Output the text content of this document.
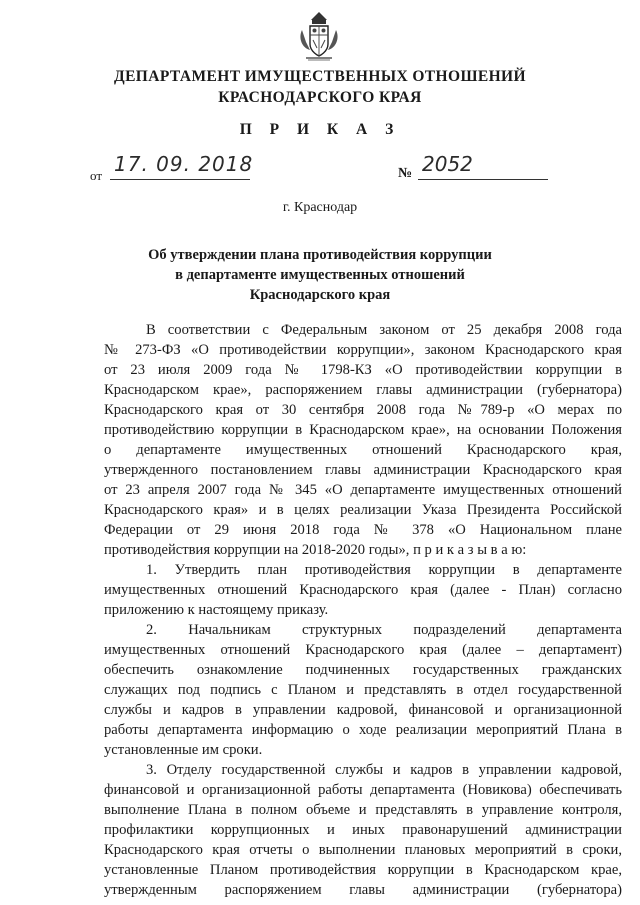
ДЕПАРТАМЕНТ ИМУЩЕСТВЕННЫХ ОТНОШЕНИЙ
КРАСНОДАРСКОГО КРАЯ
П Р И К А З
от 17. 09. 2018	№ 2052
г. Краснодар
Об утверждении плана противодействия коррупции
в департаменте имущественных отношений
Краснодарского края
В соответствии с Федеральным законом от 25 декабря 2008 года
№ 273-ФЗ «О противодействии коррупции», законом Краснодарского края
от 23 июля 2009 года № 1798-КЗ «О противодействии коррупции в
Краснодарском крае», распоряжением главы администрации (губернатора)
Краснодарского края от 30 сентября 2008 года №789-р «О мерах по
противодействию коррупции в Краснодарском крае», на основании Положения
о департаменте имущественных отношений Краснодарского края,
утвержденного постановлением главы администрации Краснодарского края
от 23 апреля 2007 года № 345 «О департаменте имущественных отношений
Краснодарского края» и в целях реализации Указа Президента Российской
Федерации от 29 июня 2018 года № 378 «О Национальном плане
противодействия коррупции на 2018-2020 годы», п р и к а з ы в а ю:
1. Утвердить план противодействия коррупции в департаменте
имущественных отношений Краснодарского края (далее - План) согласно
приложению к настоящему приказу.
2. Начальникам структурных подразделений департамента
имущественных отношений Краснодарского края (далее – департамент)
обеспечить ознакомление подчиненных государственных гражданских
служащих под подпись с Планом и представлять в отдел государственной
службы и кадров в управлении кадровой, финансовой и организационной
работы департамента информацию о ходе реализации мероприятий Плана в
установленные им сроки.
3. Отделу государственной службы и кадров в управлении кадровой,
финансовой и организационной работы департамента (Новикова) обеспечивать
выполнение Плана в полном объеме и представлять в управление контроля,
профилактики коррупционных и иных правонарушений администрации
Краснодарского края отчеты о выполнении плановых мероприятий в сроки,
установленные Планом противодействия коррупции в Краснодарском крае,
утвержденным распоряжением главы администрации (губернатора)
